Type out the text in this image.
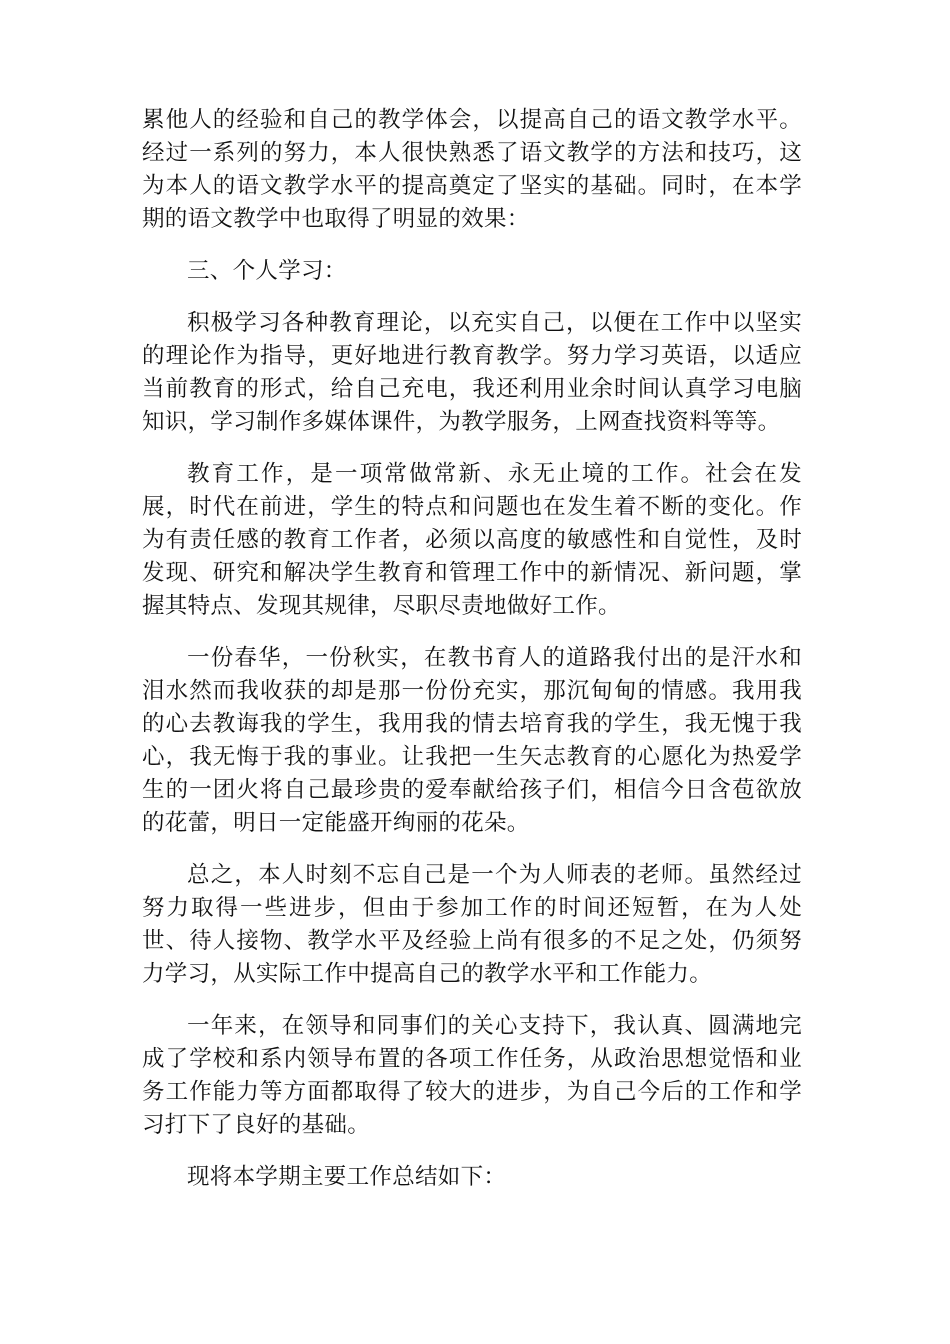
累他人的经验和自己的教学体会，以提高自己的语文教学水平。经过一系列的努力，本人很快熟悉了语文教学的方法和技巧，这为本人的语文教学水平的提高奠定了坚实的基础。同时，在本学期的语文教学中也取得了明显的效果：

三、个人学习：

积极学习各种教育理论，以充实自己，以便在工作中以坚实的理论作为指导，更好地进行教育教学。努力学习英语，以适应当前教育的形式，给自己充电，我还利用业余时间认真学习电脑知识，学习制作多媒体课件，为教学服务，上网查找资料等等。

教育工作，是一项常做常新、永无止境的工作。社会在发展，时代在前进，学生的特点和问题也在发生着不断的变化。作为有责任感的教育工作者，必须以高度的敏感性和自觉性，及时发现、研究和解决学生教育和管理工作中的新情况、新问题，掌握其特点、发现其规律，尽职尽责地做好工作。

一份春华，一份秋实，在教书育人的道路我付出的是汗水和泪水然而我收获的却是那一份份充实，那沉甸甸的情感。我用我的心去教诲我的学生，我用我的情去培育我的学生，我无愧于我心，我无悔于我的事业。让我把一生矢志教育的心愿化为热爱学生的一团火将自己最珍贵的爱奉献给孩子们，相信今日含苞欲放的花蕾，明日一定能盛开绚丽的花朵。

总之，本人时刻不忘自己是一个为人师表的老师。虽然经过努力取得一些进步，但由于参加工作的时间还短暂，在为人处世、待人接物、教学水平及经验上尚有很多的不足之处，仍须努力学习，从实际工作中提高自己的教学水平和工作能力。

一年来，在领导和同事们的关心支持下，我认真、圆满地完成了学校和系内领导布置的各项工作任务，从政治思想觉悟和业务工作能力等方面都取得了较大的进步，为自己今后的工作和学习打下了良好的基础。

现将本学期主要工作总结如下：
